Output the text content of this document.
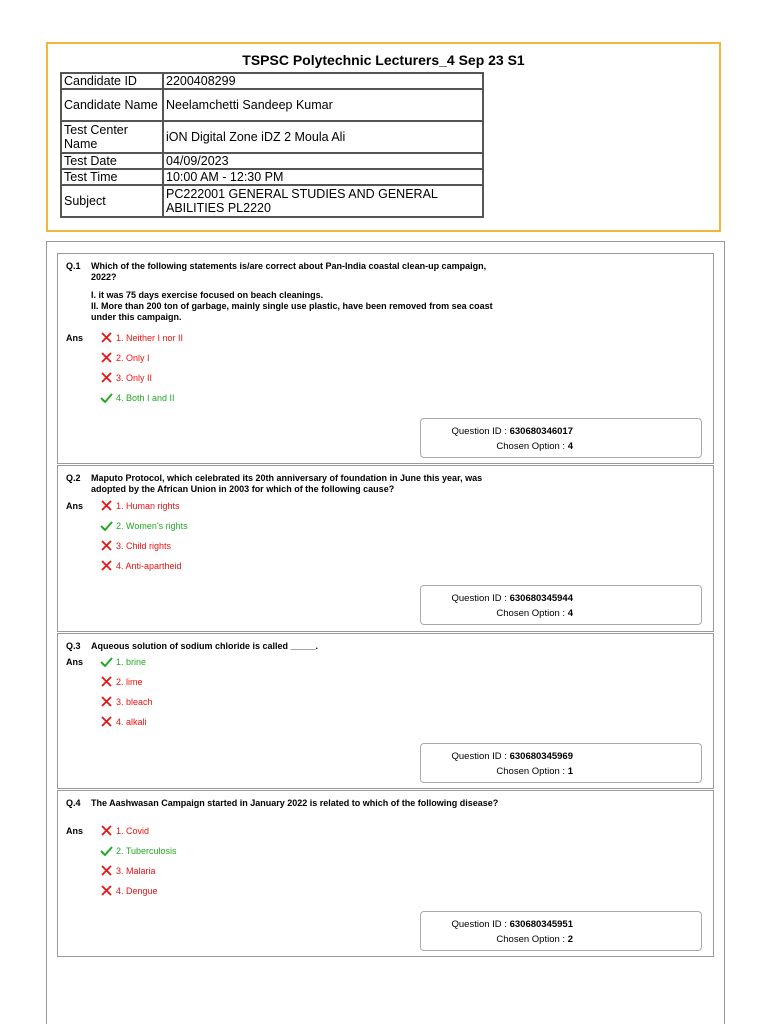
TSPSC Polytechnic Lecturers_4 Sep 23 S1
Candidate ID	2200408299
Candidate Name	Neelamchetti Sandeep Kumar
Test Center Name	iON Digital Zone iDZ 2 Moula Ali
Test Date	04/09/2023
Test Time	10:00 AM - 12:30 PM
Subject	PC222001 GENERAL STUDIES AND GENERAL ABILITIES PL2220
Q.1 Which of the following statements is/are correct about Pan-India coastal clean-up campaign, 2022?
I. it was 75 days exercise focused on beach cleanings.
II. More than 200 ton of garbage, mainly single use plastic, have been removed from sea coast under this campaign.
Ans	1. Neither I nor II
2. Only I
3. Only II
4. Both I and II
Question ID : 630680346017
Chosen Option : 4
Q.2 Maputo Protocol, which celebrated its 20th anniversary of foundation in June this year, was adopted by the African Union in 2003 for which of the following cause?
Ans	1. Human rights
2. Women's rights
3. Child rights
4. Anti-apartheid
Question ID : 630680345944
Chosen Option : 4
Q.3 Aqueous solution of sodium chloride is called _____.
Ans	1. brine
2. lime
3. bleach
4. alkali
Question ID : 630680345969
Chosen Option : 1
Q.4 The Aashwasan Campaign started in January 2022 is related to which of the following disease?
Ans	1. Covid
2. Tuberculosis
3. Malaria
4. Dengue
Question ID : 630680345951
Chosen Option : 2
